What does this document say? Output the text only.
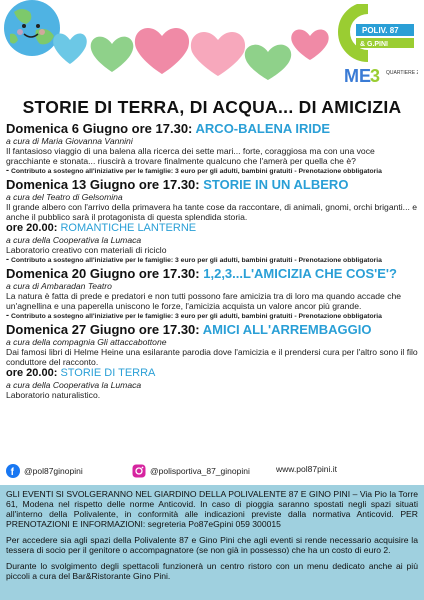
POLIV. 87
& G.PINI
ME 3 QUARTIERE 2
STORIE DI TERRA, DI ACQUA... DI AMICIZIA
Domenica 6 Giugno ore 17.30: ARCO-BALENA IRIDE
a cura di Maria Giovanna Vannini
Il fantasioso viaggio di una balena alla ricerca dei sette mari... forte, coraggiosa ma con una voce gracchiante e stonata... riuscirà a trovare finalmente qualcuno che l'amerà per quella che è?
- Contributo a sostegno all'iniziative per le famiglie: 3 euro per gli adulti, bambini gratuiti - Prenotazione obbligatoria
Domenica 13 Giugno ore 17.30: STORIE IN UN ALBERO
a cura del Teatro di Gelsomina
Il grande albero con l'arrivo della primavera ha tante cose da raccontare, di animali, gnomi, orchi briganti... e anche il pubblico sarà il protagonista di questa splendida storia.
ore 20.00: ROMANTICHE LANTERNE
a cura della Cooperativa la Lumaca
Laboratorio creativo con materiali di riciclo
- Contributo a sostegno all'iniziative per le famiglie: 3 euro per gli adulti, bambini gratuiti - Prenotazione obbligatoria
Domenica 20 Giugno ore 17.30: 1,2,3...L'AMICIZIA CHE COS'E'?
a cura di Ambaradan Teatro
La natura è fatta di prede e predatori e non tutti possono fare amicizia tra di loro ma quando accade che un'agnellina e una paperella uniscono le forze, l'amicizia acquista un valore ancor più grande.
- Contributo a sostegno all'iniziative per le famiglie: 3 euro per gli adulti, bambini gratuiti - Prenotazione obbligatoria
Domenica 27 Giugno ore 17.30: AMICI ALL'ARREMBAGGIO
a cura della compagnia Gli attaccabottone
Dai famosi libri di Helme Heine una esilarante parodia dove l'amicizia e il prendersi cura per l'altro sono il filo conduttore del racconto.
ore 20.00: STORIE DI TERRA
a cura della Cooperativa la Lumaca
Laboratorio naturalistico.
f @pol87ginopini	@polisportiva_87_ginopini	www.pol87pini.it

GLI EVENTI SI SVOLGERANNO NEL GIARDINO DELLA POLIVALENTE 87 E GINO PINI – Via Pio la Torre 61, Modena nel rispetto delle norme Anticovid. In caso di pioggia saranno spostati negli spazi situati all'interno della Polivalente, in conformità alle indicazioni previste dalla normativa Anticovid. PER PRENOTAZIONI E INFORMAZIONI: segreteria Po87eGpini 059 300015

Per accedere sia agli spazi della Polivalente 87 e Gino Pini che agli eventi si rende necessario acquisire la tessera di socio per il genitore o accompagnatore (se non già in possesso) che ha un costo di euro 2.

Durante lo svolgimento degli spettacoli funzionerà un centro ristoro con un menu dedicato anche ai più piccoli a cura del Bar&Ristorante Gino Pini.
